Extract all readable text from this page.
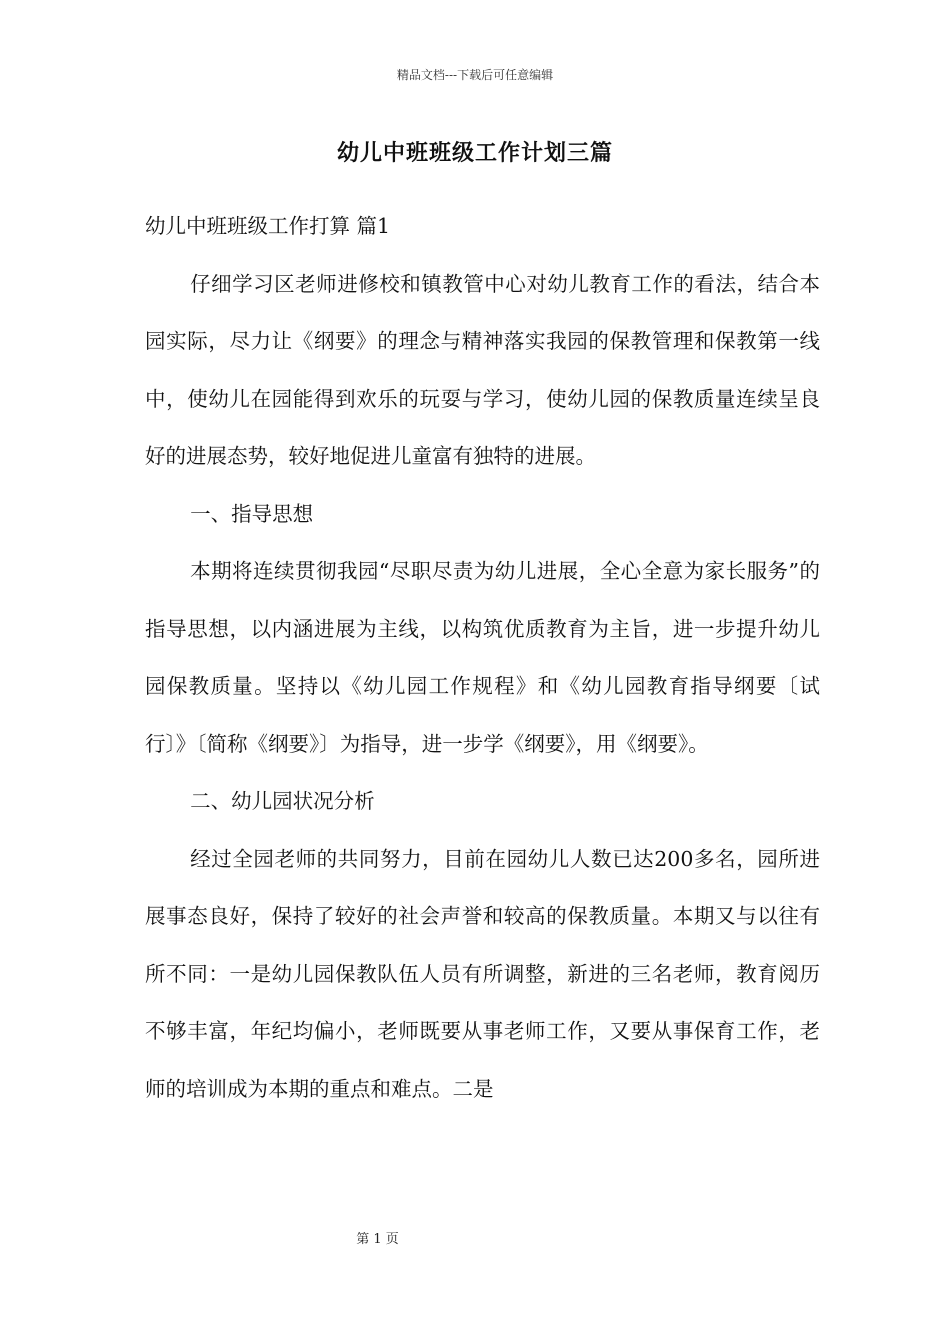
精品文档---下载后可任意编辑
幼儿中班班级工作计划三篇

幼儿中班班级工作打算 篇1

仔细学习区老师进修校和镇教管中心对幼儿教育工作的看法，结合本园实际，尽力让《纲要》的理念与精神落实我园的保教管理和保教第一线中，使幼儿在园能得到欢乐的玩耍与学习，使幼儿园的保教质量连续呈良好的进展态势，较好地促进儿童富有独特的进展。

一、指导思想

本期将连续贯彻我园“尽职尽责为幼儿进展，全心全意为家长服务”的指导思想，以内涵进展为主线，以构筑优质教育为主旨，进一步提升幼儿园保教质量。坚持以《幼儿园工作规程》和《幼儿园教育指导纲要〔试行〕》〔简称《纲要》〕为指导，进一步学《纲要》，用《纲要》。

二、幼儿园状况分析

经过全园老师的共同努力，目前在园幼儿人数已达200多名，园所进展事态良好，保持了较好的社会声誉和较高的保教质量。本期又与以往有所不同：一是幼儿园保教队伍人员有所调整，新进的三名老师，教育阅历不够丰富，年纪均偏小，老师既要从事老师工作，又要从事保育工作，老师的培训成为本期的重点和难点。二是

第 1 页
